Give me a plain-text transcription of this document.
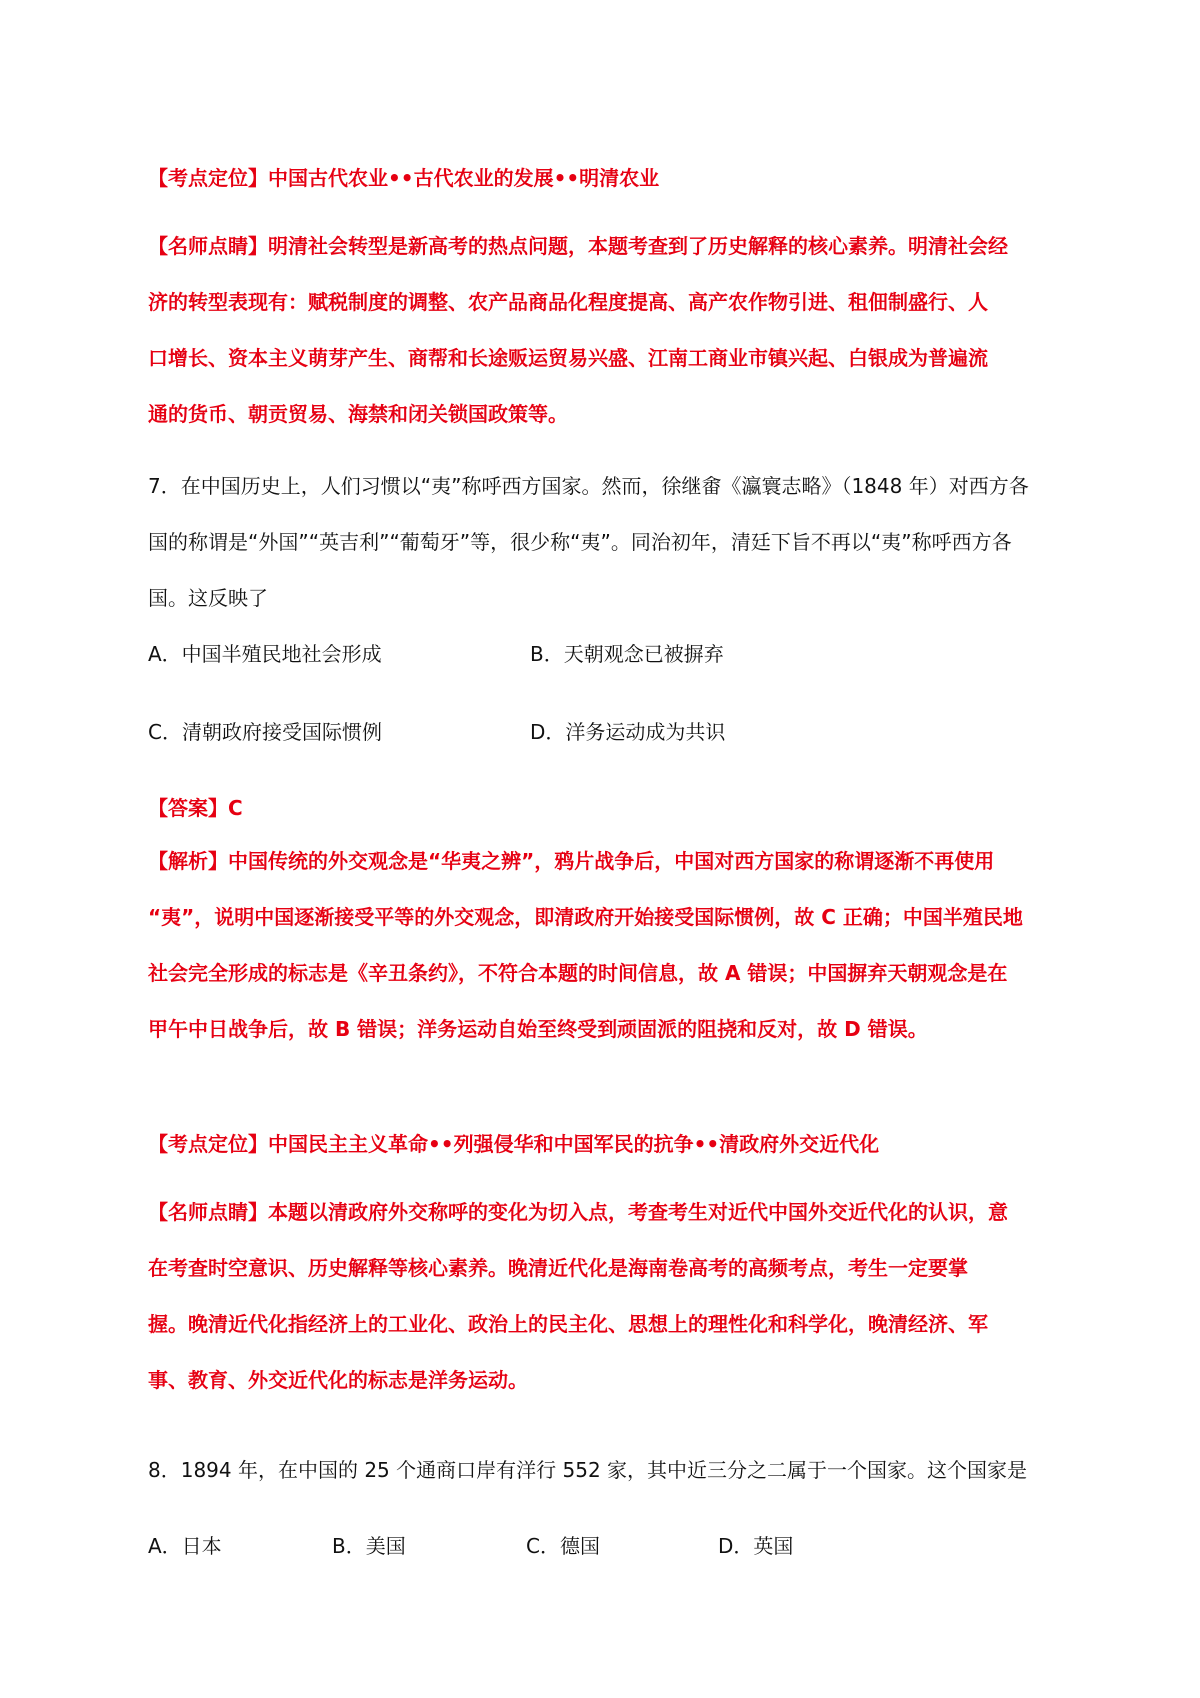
【考点定位】中国古代农业••古代农业的发展••明清农业

【名师点睛】明清社会转型是新高考的热点问题，本题考查到了历史解释的核心素养。明清社会经

济的转型表现有：赋税制度的调整、农产品商品化程度提高、高产农作物引进、租佃制盛行、人

口增长、资本主义萌芽产生、商帮和长途贩运贸易兴盛、江南工商业市镇兴起、白银成为普遍流

通的货币、朝贡贸易、海禁和闭关锁国政策等。

7．在中国历史上，人们习惯以“夷”称呼西方国家。然而，徐继畬《瀛寰志略》（1848 年）对西方各

国的称谓是“外国”“英吉利”“葡萄牙”等，很少称“夷”。同治初年，清廷下旨不再以“夷”称呼西方各

国。这反映了

A．中国半殖民地社会形成	B．天朝观念已被摒弃
C．清朝政府接受国际惯例	D．洋务运动成为共识
【答案】C

【解析】中国传统的外交观念是“华夷之辨”，鸦片战争后，中国对西方国家的称谓逐渐不再使用

“夷”，说明中国逐渐接受平等的外交观念，即清政府开始接受国际惯例，故 C 正确；中国半殖民地

社会完全形成的标志是《辛丑条约》，不符合本题的时间信息，故 A 错误；中国摒弃天朝观念是在

甲午中日战争后，故 B 错误；洋务运动自始至终受到顽固派的阻挠和反对，故 D 错误。

【考点定位】中国民主主义革命••列强侵华和中国军民的抗争••清政府外交近代化

【名师点睛】本题以清政府外交称呼的变化为切入点，考查考生对近代中国外交近代化的认识，意

在考查时空意识、历史解释等核心素养。晚清近代化是海南卷高考的高频考点，考生一定要掌

握。晚清近代化指经济上的工业化、政治上的民主化、思想上的理性化和科学化，晚清经济、军

事、教育、外交近代化的标志是洋务运动。

8．1894 年，在中国的 25 个通商口岸有洋行 552 家，其中近三分之二属于一个国家。这个国家是
A．日本	B．美国	C．德国	D．英国
